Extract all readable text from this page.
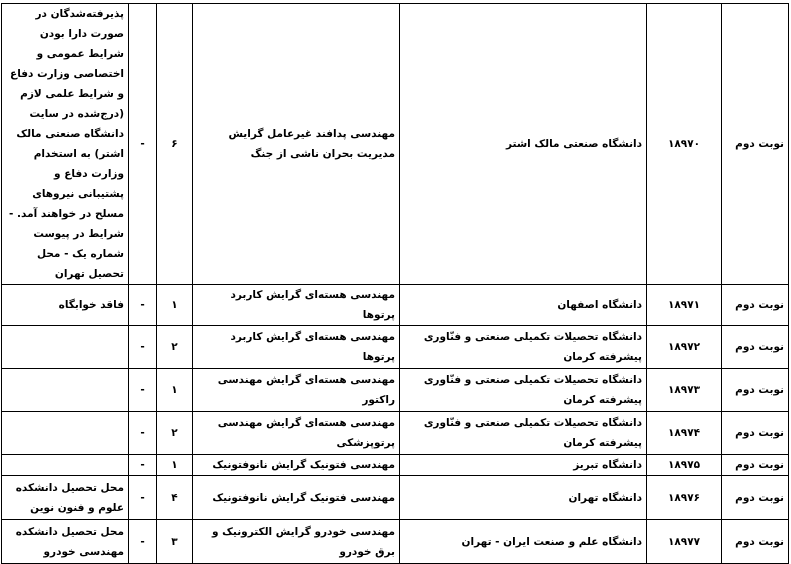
نوبت دوم	۱۸۹۷۰	دانشگاه صنعتی مالک اشتر	مهندسی پدافند غیرعامل گرایش مدیریت بحران ناشی از جنگ	۶	-	پذیرفته‌شدگان در صورت دارا بودن شرایط عمومی و اختصاصی وزارت دفاع و شرایط علمی لازم (درج‌شده در سایت دانشگاه صنعتی مالک اشتر) به استخدام وزارت دفاع و پشتیبانی نیروهای مسلح در خواهند آمد. - شرایط در پیوست شماره یک - محل تحصیل تهران
نوبت دوم	۱۸۹۷۱	دانشگاه اصفهان	مهندسی هسته‌ای گرایش کاربرد پرتوها	۱	-	فاقد خوابگاه
نوبت دوم	۱۸۹۷۲	دانشگاه تحصیلات تکمیلی صنعتی و فنّاوری پیشرفته کرمان	مهندسی هسته‌ای گرایش کاربرد پرتوها	۲	-	
نوبت دوم	۱۸۹۷۳	دانشگاه تحصیلات تکمیلی صنعتی و فنّاوری پیشرفته کرمان	مهندسی هسته‌ای گرایش مهندسی راکتور	۱	-	
نوبت دوم	۱۸۹۷۴	دانشگاه تحصیلات تکمیلی صنعتی و فنّاوری پیشرفته کرمان	مهندسی هسته‌ای گرایش مهندسی پرتوپزشکی	۲	-	
نوبت دوم	۱۸۹۷۵	دانشگاه تبریز	مهندسی فتونیک گرایش نانوفتونیک	۱	-	
نوبت دوم	۱۸۹۷۶	دانشگاه تهران	مهندسی فتونیک گرایش نانوفتونیک	۴	-	محل تحصیل دانشکده علوم و فنون نوین
نوبت دوم	۱۸۹۷۷	دانشگاه علم و صنعت ایران - تهران	مهندسی خودرو گرایش الکترونیک و برق خودرو	۳	-	محل تحصیل دانشکده مهندسی خودرو
